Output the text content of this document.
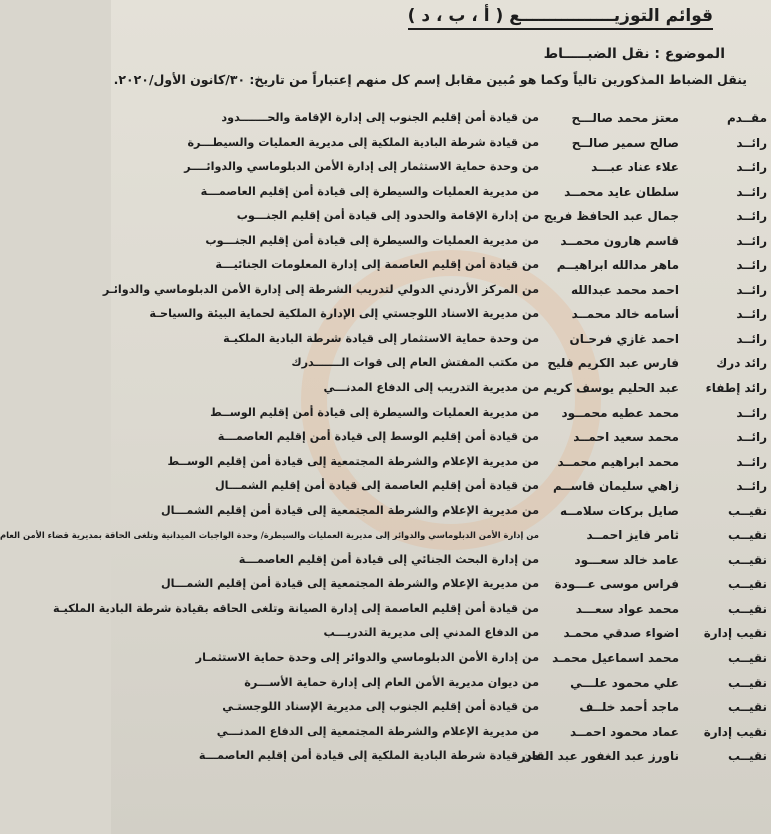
قوائم التوزيــــــــــــــــع ( أ ، ب ، د )
الموضوع : نقل الضبـــــاط
ينقل الضباط المذكورين تالياً وكما هو مُبين مقابل إسم كل منهم إعتباراً من تاريخ: ٣٠/كانون الأول/٢٠٢٠.
مقــدم
معتز محمد صالـــح
من قيادة أمن إقليم الجنوب إلى إدارة الإقامة والحـــــــدود
رائــد
صالح سمير صالــح
من قيادة شرطة البادية الملكية إلى مديرية العمليات والسيطـــرة
رائــد
علاء عناد عبـــد
من وحدة حماية الاستثمار إلى إدارة الأمن الدبلوماسي والدوائــــر
رائــد
سلطان عايد محمــد
من مديرية العمليات والسيطرة إلى قيادة أمن إقليم العاصمـــة
رائــد
جمال عبد الحافظ فريج
من إدارة الإقامة والحدود إلى قيادة أمن إقليم الجنـــوب
رائــد
قاسم هارون محمــد
من مديرية العمليات والسيطرة إلى قيادة أمن إقليم الجنـــوب
رائــد
ماهر مدالله ابراهيــم
من قيادة أمن إقليم العاصمة إلى إدارة المعلومات الجنائيـــة
رائــد
احمد محمد عبدالله
من المركز الأردني الدولي لتدريب الشرطة إلى إدارة الأمن الدبلوماسي والدوائـر
رائــد
أسامه خالد محمــد
من مديرية الاسناد اللوجستي إلى الإدارة الملكية لحماية البيئة والسياحـة
رائــد
احمد غازي فرحـان
من وحدة حماية الاستثمار إلى قيادة شرطة البادية الملكيـة
رائد درك
فارس عبد الكريم فليح
من مكتب المفتش العام إلى قوات الـــــــدرك
رائد إطفاء
عبد الحليم يوسف كريم
من مديرية التدريب إلى الدفاع المدنـــي
رائــد
محمد عطيه محمــود
من مديرية العمليات والسيطرة إلى قيادة أمن إقليم الوســط
رائــد
محمد سعيد احمــد
من قيادة أمن إقليم الوسط إلى قيادة أمن إقليم العاصمـــة
رائــد
محمد ابراهيم محمــد
من مديرية الإعلام والشرطة المجتمعية إلى قيادة أمن إقليم الوســط
رائــد
زاهي سليمان قاســم
من قيادة أمن إقليم العاصمة إلى قيادة أمن إقليم الشمـــال
نقيــب
صايل بركات سلامــه
من مديرية الإعلام والشرطة المجتمعية إلى قيادة أمن إقليم الشمـــال
نقيــب
ثامر فايز احمــد
من إدارة الأمن الدبلوماسي والدوائر إلى مديرية العمليات والسيطرة/ وحدة الواجبات الميدانية وتلغى الحاقة بمديرية قضاء الأمن العام
نقيــب
عامد خالد سعـــود
من إدارة البحث الجنائي إلى قيادة أمن إقليم العاصمـــة
نقيــب
فراس موسى عـــودة
من مديرية الإعلام والشرطة المجتمعية إلى قيادة أمن إقليم الشمـــال
نقيــب
محمد عواد سعـــد
من قيادة أمن إقليم العاصمة إلى إدارة الصيانة وتلغى الحاقه بقيادة شرطة البادية الملكيـة
نقيب إدارة
اضواء صدقي محمـد
من الدفاع المدني إلى مديرية التدريـــب
نقيــب
محمد اسماعيل محمـد
من إدارة الأمن الدبلوماسي والدوائر إلى وحدة حماية الاستثمـار
نقيــب
علي محمود علـــي
من ديوان مديرية الأمن العام إلى إدارة حماية الأســـرة
نقيــب
ماجد أحمد خلــف
من قيادة أمن إقليم الجنوب إلى مديرية الإسناد اللوجستـي
نقيب إدارة
عماد محمود احمــد
من مديرية الإعلام والشرطة المجتمعية إلى الدفاع المدنـــي
نقيــب
ناورز عبد الغفور عبد القادر
من قيادة شرطة البادية الملكية إلى قيادة أمن إقليم العاصمـــة
